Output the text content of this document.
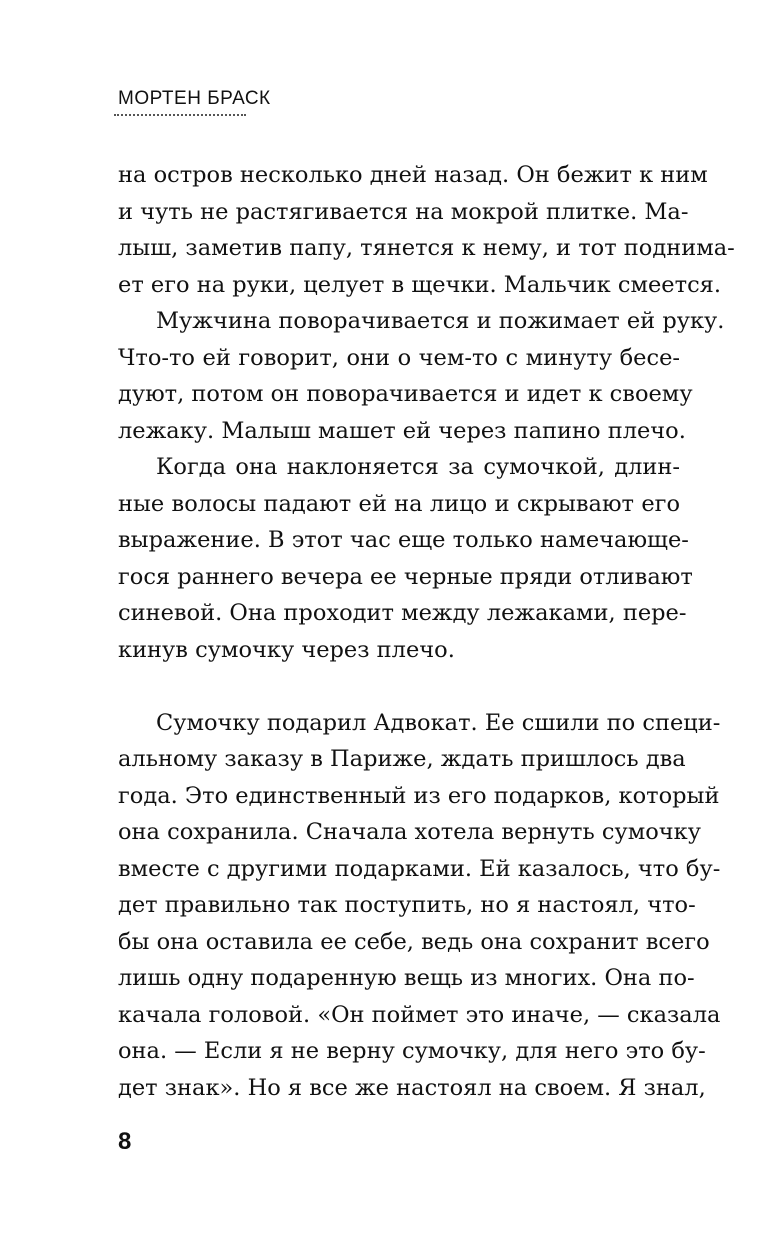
МОРТЕН БРАСК
на остров несколько дней назад. Он бежит к ним
и чуть не растягивается на мокрой плитке. Ма-
лыш, заметив папу, тянется к нему, и тот поднима-
ет его на руки, целует в щечки. Мальчик смеется.
Мужчина поворачивается и пожимает ей руку.
Что-то ей говорит, они о чем-то с минуту бесе-
дуют, потом он поворачивается и идет к своему
лежаку. Малыш машет ей через папино плечо.
Когда она наклоняется за сумочкой, длин-
ные волосы падают ей на лицо и скрывают его
выражение. В этот час еще только намечающе-
гося раннего вечера ее черные пряди отливают
синевой. Она проходит между лежаками, пере-
кинув сумочку через плечо.
Сумочку подарил Адвокат. Ее сшили по специ-
альному заказу в Париже, ждать пришлось два
года. Это единственный из его подарков, который
она сохранила. Сначала хотела вернуть сумочку
вместе с другими подарками. Ей казалось, что бу-
дет правильно так поступить, но я настоял, что-
бы она оставила ее себе, ведь она сохранит всего
лишь одну подаренную вещь из многих. Она по-
качала головой. «Он поймет это иначе, — сказала
она. — Если я не верну сумочку, для него это бу-
дет знак». Но я все же настоял на своем. Я знал,
8
